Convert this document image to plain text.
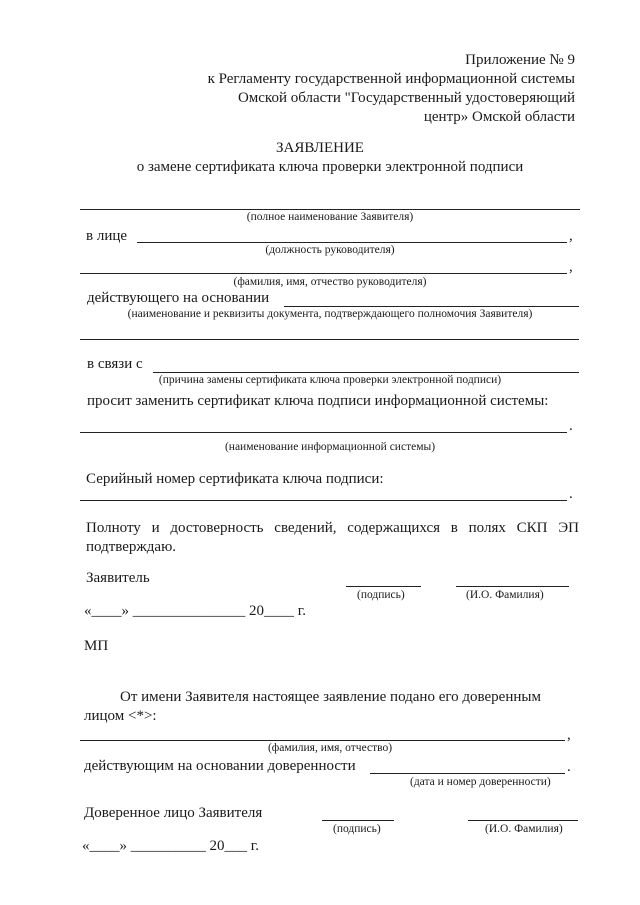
Приложение № 9
к Регламенту государственной информационной системы
Омской области "Государственный удостоверяющий
центр» Омской области
ЗАЯВЛЕНИЕ
о замене сертификата ключа проверки электронной подписи
(полное наименование Заявителя)
в лице	,
(должность руководителя)
,
(фамилия, имя, отчество руководителя)
действующего на основании
(наименование и реквизиты документа, подтверждающего полномочия Заявителя)
в связи с
(причина замены сертификата ключа проверки электронной подписи)
просит заменить сертификат ключа подписи информационной системы:
.
(наименование информационной системы)
Серийный номер сертификата ключа подписи:
.
Полноту и достоверность сведений, содержащихся в полях СКП ЭП
подтверждаю.
Заявитель
(подпись)	(И.О. Фамилия)
«____» _______________ 20____ г.
МП
От имени Заявителя настоящее заявление подано его доверенным
лицом <*>:
,
(фамилия, имя, отчество)
действующим на основании доверенности	.
(дата и номер доверенности)
Доверенное лицо Заявителя
(подпись)	(И.О. Фамилия)
«____» __________ 20___ г.
